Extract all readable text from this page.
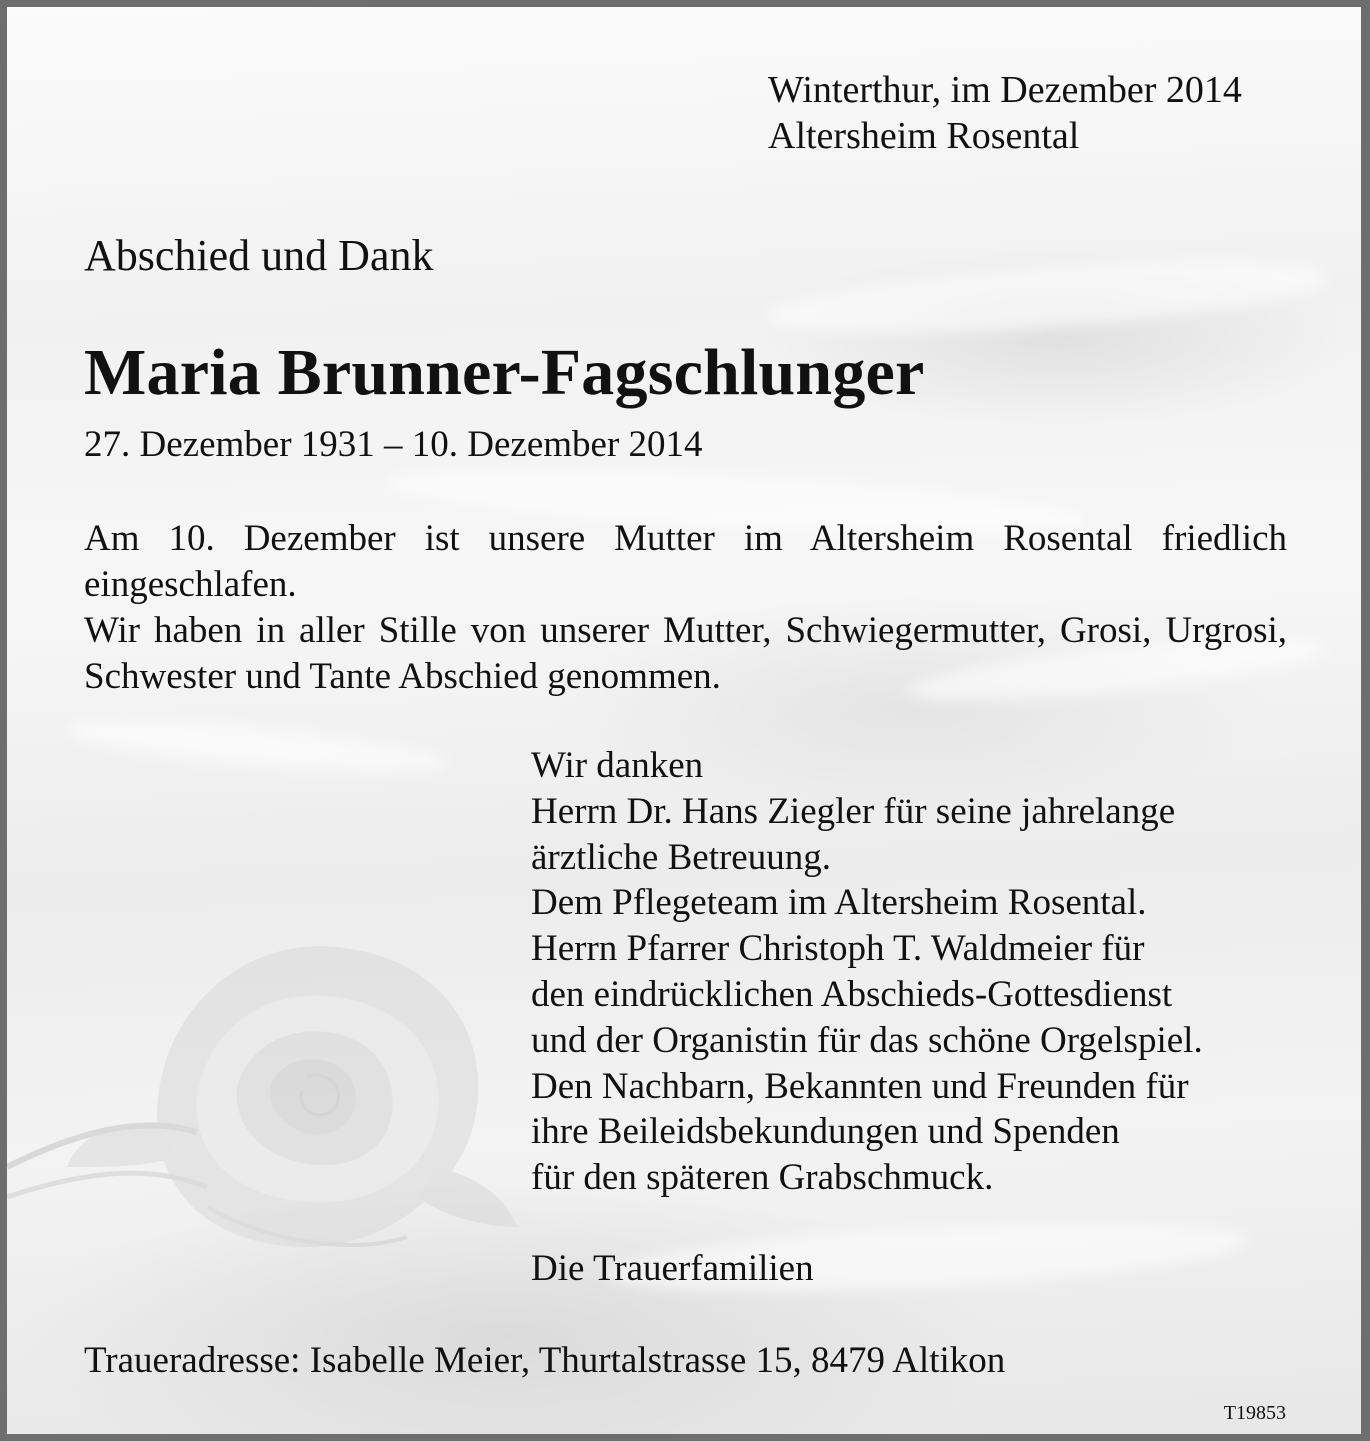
Winterthur, im Dezember 2014
Altersheim Rosental
Abschied und Dank
Maria Brunner-Fagschlunger
27. Dezember 1931 – 10. Dezember 2014

Am 10. Dezember ist unsere Mutter im Altersheim Rosental friedlich eingeschlafen.

Wir haben in aller Stille von unserer Mutter, Schwiegermutter, Grosi, Urgrosi, Schwester und Tante Abschied genommen.

Wir danken
Herrn Dr. Hans Ziegler für seine jahrelange
ärztliche Betreuung.
Dem Pflegeteam im Altersheim Rosental.
Herrn Pfarrer Christoph T. Waldmeier für
den eindrücklichen Abschieds-Gottesdienst
und der Organistin für das schöne Orgelspiel.
Den Nachbarn, Bekannten und Freunden für
ihre Beileidsbekundungen und Spenden
für den späteren Grabschmuck.
Die Trauerfamilien
Traueradresse: Isabelle Meier, Thurtalstrasse 15, 8479 Altikon
T19853
